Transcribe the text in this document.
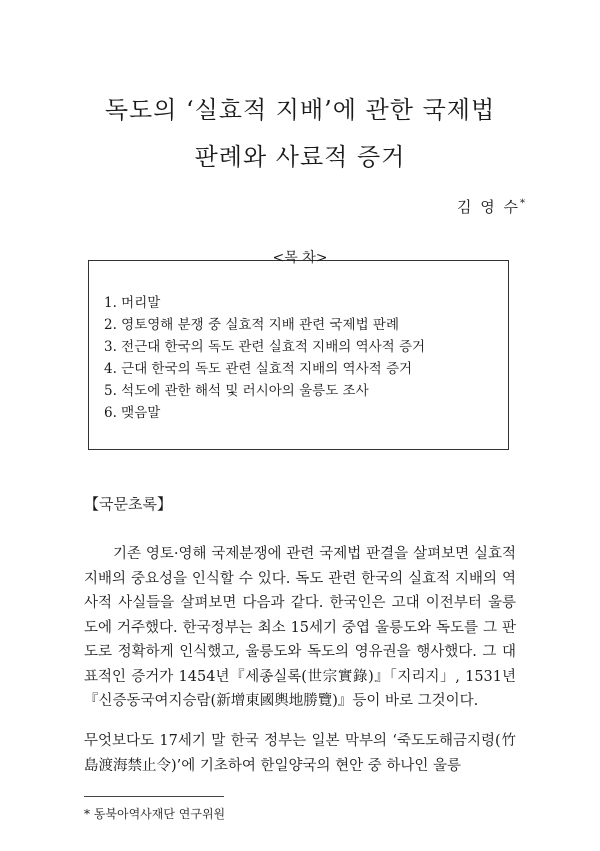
독도의 ‘실효적 지배’에 관한 국제법
판례와 사료적 증거
김 영 수*
<목 차>
1. 머리말
2. 영토영해 분쟁 중 실효적 지배 관련 국제법 판례
3. 전근대 한국의 독도 관련 실효적 지배의 역사적 증거
4. 근대 한국의 독도 관련 실효적 지배의 역사적 증거
5. 석도에 관한 해석 및 러시아의 울릉도 조사
6. 맺음말
【국문초록】

기존 영토·영해 국제분쟁에 관련 국제법 판결을 살펴보면 실효적 지배의 중요성을 인식할 수 있다. 독도 관련 한국의 실효적 지배의 역사적 사실들을 살펴보면 다음과 같다. 한국인은 고대 이전부터 울릉도에 거주했다. 한국정부는 최소 15세기 중엽 울릉도와 독도를 그 판도로 정확하게 인식했고, 울릉도와 독도의 영유권을 행사했다. 그 대표적인 증거가 1454년『세종실록(世宗實錄)』「지리지」, 1531년『신증동국여지승람(新增東國輿地勝覽)』등이 바로 그것이다.

무엇보다도 17세기 말 한국 정부는 일본 막부의 ‘죽도도해금지령(竹島渡海禁止令)’에 기초하여 한일양국의 현안 중 하나인 울릉

* 동북아역사재단 연구위원
